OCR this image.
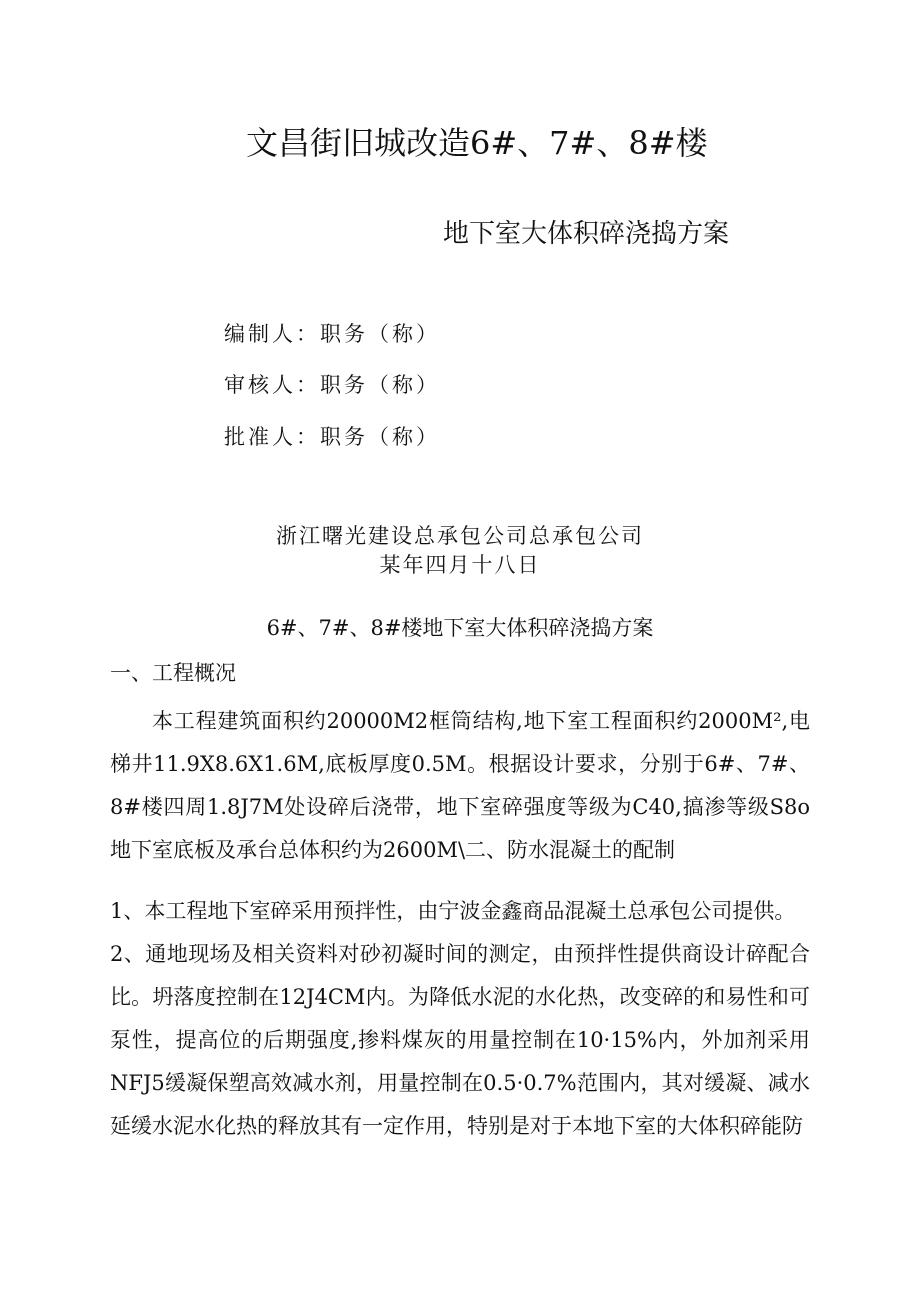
文昌街旧城改造6#、7#、8#楼
地下室大体积碎浇捣方案
编制人：职务（称）
审核人：职务（称）
批准人：职务（称）
浙江曙光建设总承包公司总承包公司
某年四月十八日
6#、7#、8#楼地下室大体积碎浇捣方案
一、工程概况

本工程建筑面积约20000M2框筒结构,地下室工程面积约2000M²,电梯井11.9X8.6X1.6M,底板厚度0.5M。根据设计要求，分别于6#、7#、8#楼四周1.8J7M处设碎后浇带，地下室碎强度等级为C40,搞渗等级S8o地下室底板及承台总体积约为2600M\二、防水混凝土的配制

1、本工程地下室碎采用预拌性，由宁波金鑫商品混凝土总承包公司提供。

2、通地现场及相关资料对砂初凝时间的测定，由预拌性提供商设计碎配合比。坍落度控制在12J4CM内。为降低水泥的水化热，改变碎的和易性和可泵性，提高位的后期强度,掺料煤灰的用量控制在10·15%内，外加剂采用NFJ5缓凝保塑高效减水剂，用量控制在0.5·0.7%范围内，其对缓凝、减水延缓水泥水化热的释放其有一定作用，特别是对于本地下室的大体积碎能防
